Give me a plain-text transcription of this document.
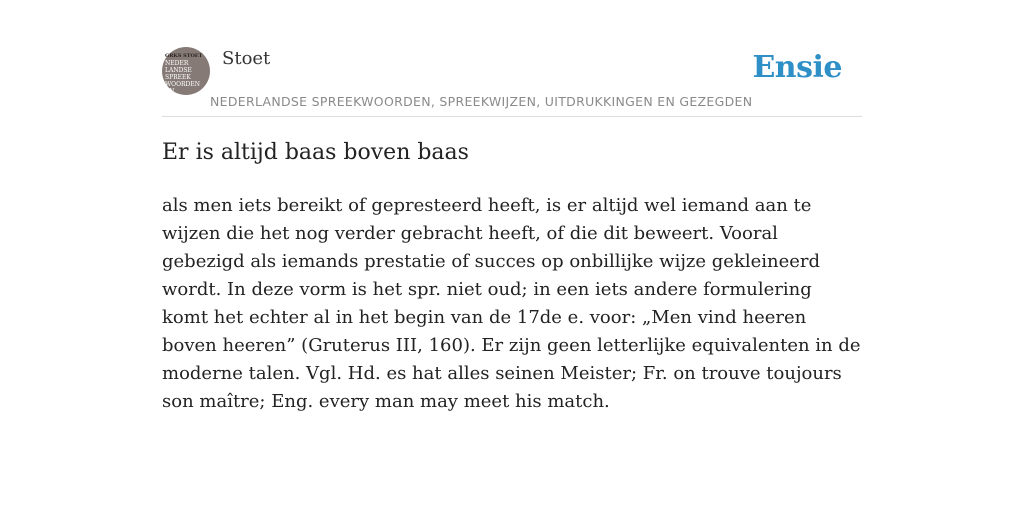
GRKS STOET
NEDER LANDSE SPREEK WOORDEN EN GEZEGDEN
Stoet
NEDERLANDSE SPREEKWOORDEN, SPREEKWIJZEN, UITDRUKKINGEN EN GEZEGDEN
Ensie
Er is altijd baas boven baas

als men iets bereikt of gepresteerd heeft, is er altijd wel iemand aan te wijzen die het nog verder gebracht heeft, of die dit beweert. Vooral gebezigd als iemands prestatie of succes op onbillijke wijze gekleineerd wordt. In deze vorm is het spr. niet oud; in een iets andere formulering komt het echter al in het begin van de 17de e. voor: „Men vind heeren boven heeren” (Gruterus III, 160). Er zijn geen letterlijke equivalenten in de moderne talen. Vgl. Hd. es hat alles seinen Meister; Fr. on trouve toujours son maître; Eng. every man may meet his match.
